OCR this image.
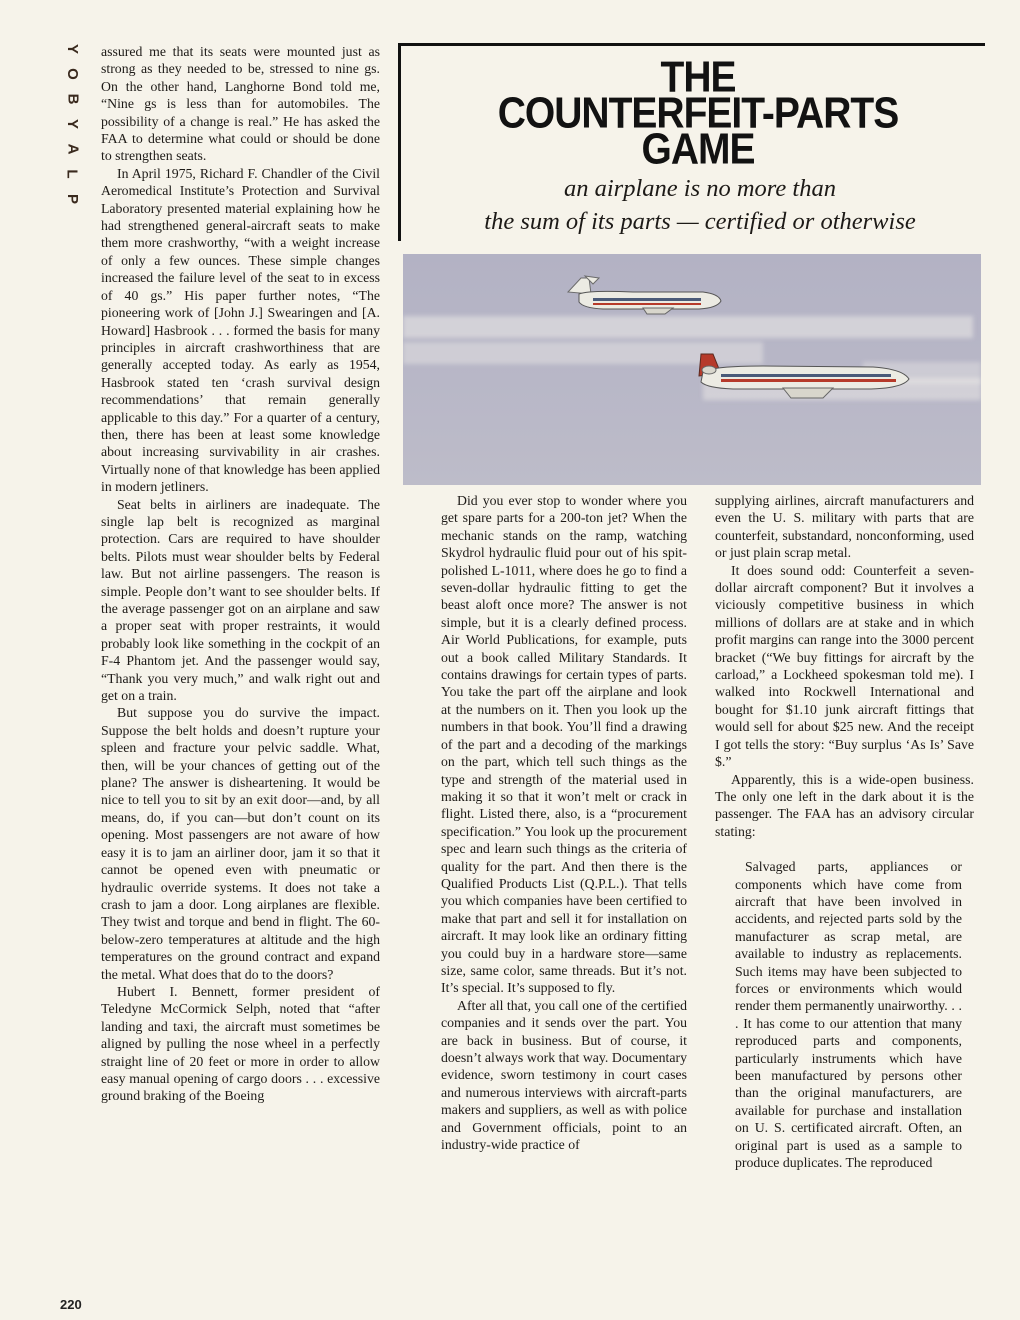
Y
O
B
Y
A
L
P
220

assured me that its seats were mounted just as strong as they needed to be, stressed to nine gs. On the other hand, Langhorne Bond told me, “Nine gs is less than for automobiles. The possibility of a change is real.” He has asked the FAA to determine what could or should be done to strengthen seats.

In April 1975, Richard F. Chandler of the Civil Aeromedical Institute’s Protection and Survival Laboratory presented material explaining how he had strengthened general-aircraft seats to make them more crashworthy, “with a weight increase of only a few ounces. These simple changes increased the failure level of the seat to in excess of 40 gs.” His paper further notes, “The pioneering work of [John J.] Swearingen and [A. Howard] Hasbrook . . . formed the basis for many principles in aircraft crashworthiness that are generally accepted today. As early as 1954, Hasbrook stated ten ‘crash survival design recommendations’ that remain generally applicable to this day.” For a quarter of a century, then, there has been at least some knowledge about increasing survivability in air crashes. Virtually none of that knowledge has been applied in modern jetliners.

Seat belts in airliners are inadequate. The single lap belt is recognized as marginal protection. Cars are required to have shoulder belts. Pilots must wear shoulder belts by Federal law. But not airline passengers. The reason is simple. People don’t want to see shoulder belts. If the average passenger got on an airplane and saw a proper seat with proper restraints, it would probably look like something in the cockpit of an F-4 Phantom jet. And the passenger would say, “Thank you very much,” and walk right out and get on a train.

But suppose you do survive the impact. Suppose the belt holds and doesn’t rupture your spleen and fracture your pelvic saddle. What, then, will be your chances of getting out of the plane? The answer is disheartening. It would be nice to tell you to sit by an exit door—and, by all means, do, if you can—but don’t count on its opening. Most passengers are not aware of how easy it is to jam an airliner door, jam it so that it cannot be opened even with pneumatic or hydraulic override systems. It does not take a crash to jam a door. Long airplanes are flexible. They twist and torque and bend in flight. The 60-below-zero temperatures at altitude and the high temperatures on the ground contract and expand the metal. What does that do to the doors?

Hubert I. Bennett, former president of Teledyne McCormick Selph, noted that “after landing and taxi, the aircraft must sometimes be aligned by pulling the nose wheel in a perfectly straight line of 20 feet or more in order to allow easy manual opening of cargo doors . . . excessive ground braking of the Boeing

THE
COUNTERFEIT-PARTS
GAME
an airplane is no more than
the sum of its parts — certified or otherwise

Did you ever stop to wonder where you get spare parts for a 200-ton jet? When the mechanic stands on the ramp, watching Skydrol hydraulic fluid pour out of his spit-polished L-1011, where does he go to find a seven-dollar hydraulic fitting to get the beast aloft once more? The answer is not simple, but it is a clearly defined process. Air World Publications, for example, puts out a book called Military Standards. It contains drawings for certain types of parts. You take the part off the airplane and look at the numbers on it. Then you look up the numbers in that book. You’ll find a drawing of the part and a decoding of the markings on the part, which tell such things as the type and strength of the material used in making it so that it won’t melt or crack in flight. Listed there, also, is a “procurement specification.” You look up the procurement spec and learn such things as the criteria of quality for the part. And then there is the Qualified Products List (Q.P.L.). That tells you which companies have been certified to make that part and sell it for installation on aircraft. It may look like an ordinary fitting you could buy in a hardware store—same size, same color, same threads. But it’s not. It’s special. It’s supposed to fly.

After all that, you call one of the certified companies and it sends over the part. You are back in business. But of course, it doesn’t always work that way. Documentary evidence, sworn testimony in court cases and numerous interviews with aircraft-parts makers and suppliers, as well as with police and Government officials, point to an industry-wide practice of

supplying airlines, aircraft manufacturers and even the U. S. military with parts that are counterfeit, substandard, nonconforming, used or just plain scrap metal.

It does sound odd: Counterfeit a seven-dollar aircraft component? But it involves a viciously competitive business in which millions of dollars are at stake and in which profit margins can range into the 3000 percent bracket (“We buy fittings for aircraft by the carload,” a Lockheed spokesman told me). I walked into Rockwell International and bought for $1.10 junk aircraft fittings that would sell for about $25 new. And the receipt I got tells the story: “Buy surplus ‘As Is’ Save $.”

Apparently, this is a wide-open business. The only one left in the dark about it is the passenger. The FAA has an advisory circular stating:

Salvaged parts, appliances or components which have come from aircraft that have been involved in accidents, and rejected parts sold by the manufacturer as scrap metal, are available to industry as replacements. Such items may have been subjected to forces or environments which would render them permanently unairworthy. . . . It has come to our attention that many reproduced parts and components, particularly instruments which have been manufactured by persons other than the original manufacturers, are available for purchase and installation on U. S. certificated aircraft. Often, an original part is used as a sample to produce duplicates. The reproduced
